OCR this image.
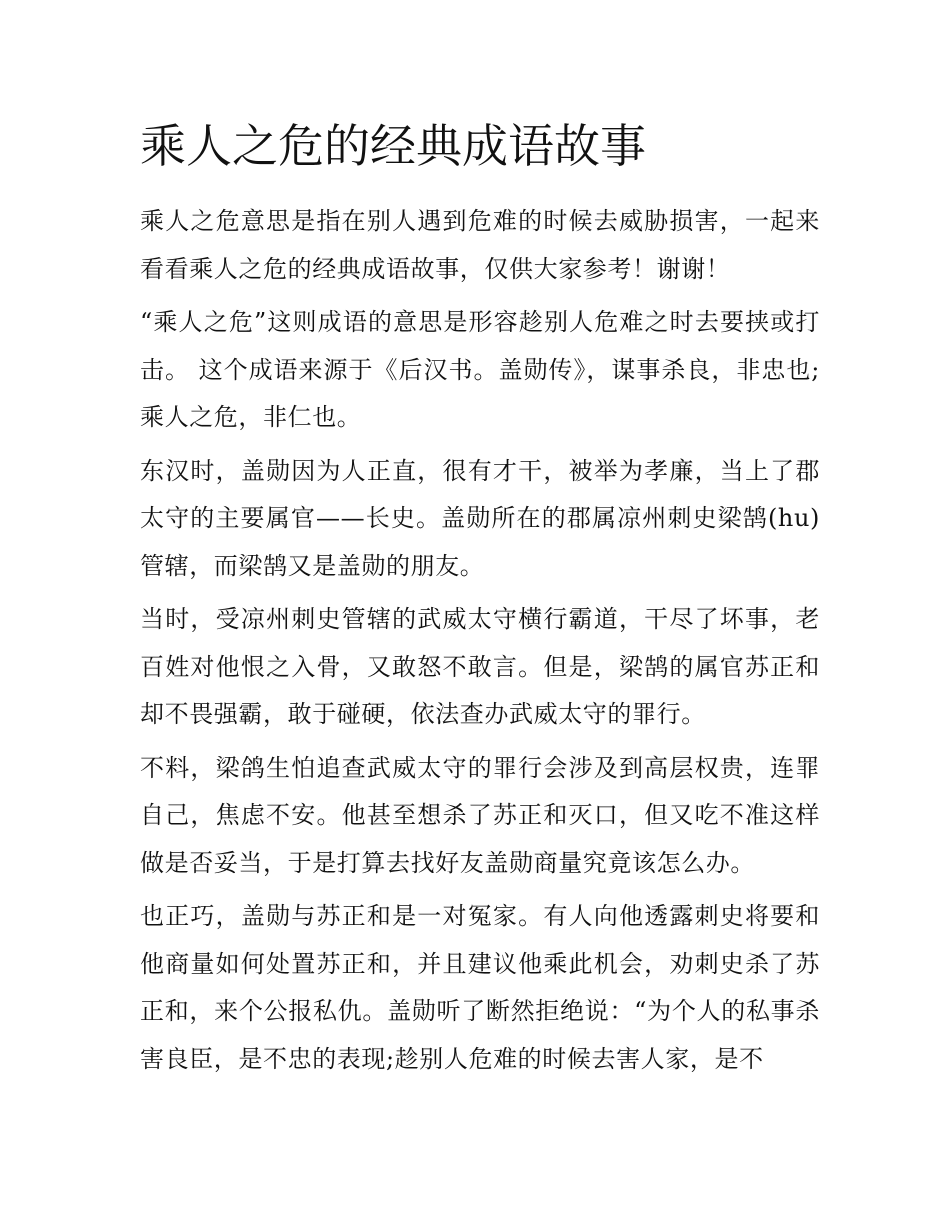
乘人之危的经典成语故事

乘人之危意思是指在别人遇到危难的时候去威胁损害，一起来看看乘人之危的经典成语故事，仅供大家参考！谢谢！

“乘人之危”这则成语的意思是形容趁别人危难之时去要挟或打击。 这个成语来源于《后汉书。盖勋传》，谋事杀良，非忠也;乘人之危，非仁也。

东汉时，盖勋因为人正直，很有才干，被举为孝廉，当上了郡太守的主要属官——长史。盖勋所在的郡属凉州刺史梁鹄(hu)管辖，而梁鹄又是盖勋的朋友。

当时，受凉州刺史管辖的武威太守横行霸道，干尽了坏事，老百姓对他恨之入骨，又敢怒不敢言。但是，梁鹄的属官苏正和却不畏强霸，敢于碰硬，依法查办武威太守的罪行。

不料，梁鸽生怕追查武威太守的罪行会涉及到高层权贵，连罪自己，焦虑不安。他甚至想杀了苏正和灭口，但又吃不准这样做是否妥当，于是打算去找好友盖勋商量究竟该怎么办。

也正巧，盖勋与苏正和是一对冤家。有人向他透露刺史将要和他商量如何处置苏正和，并且建议他乘此机会，劝刺史杀了苏正和，来个公报私仇。盖勋听了断然拒绝说：“为个人的私事杀害良臣，是不忠的表现;趁别人危难的时候去害人家，是不
